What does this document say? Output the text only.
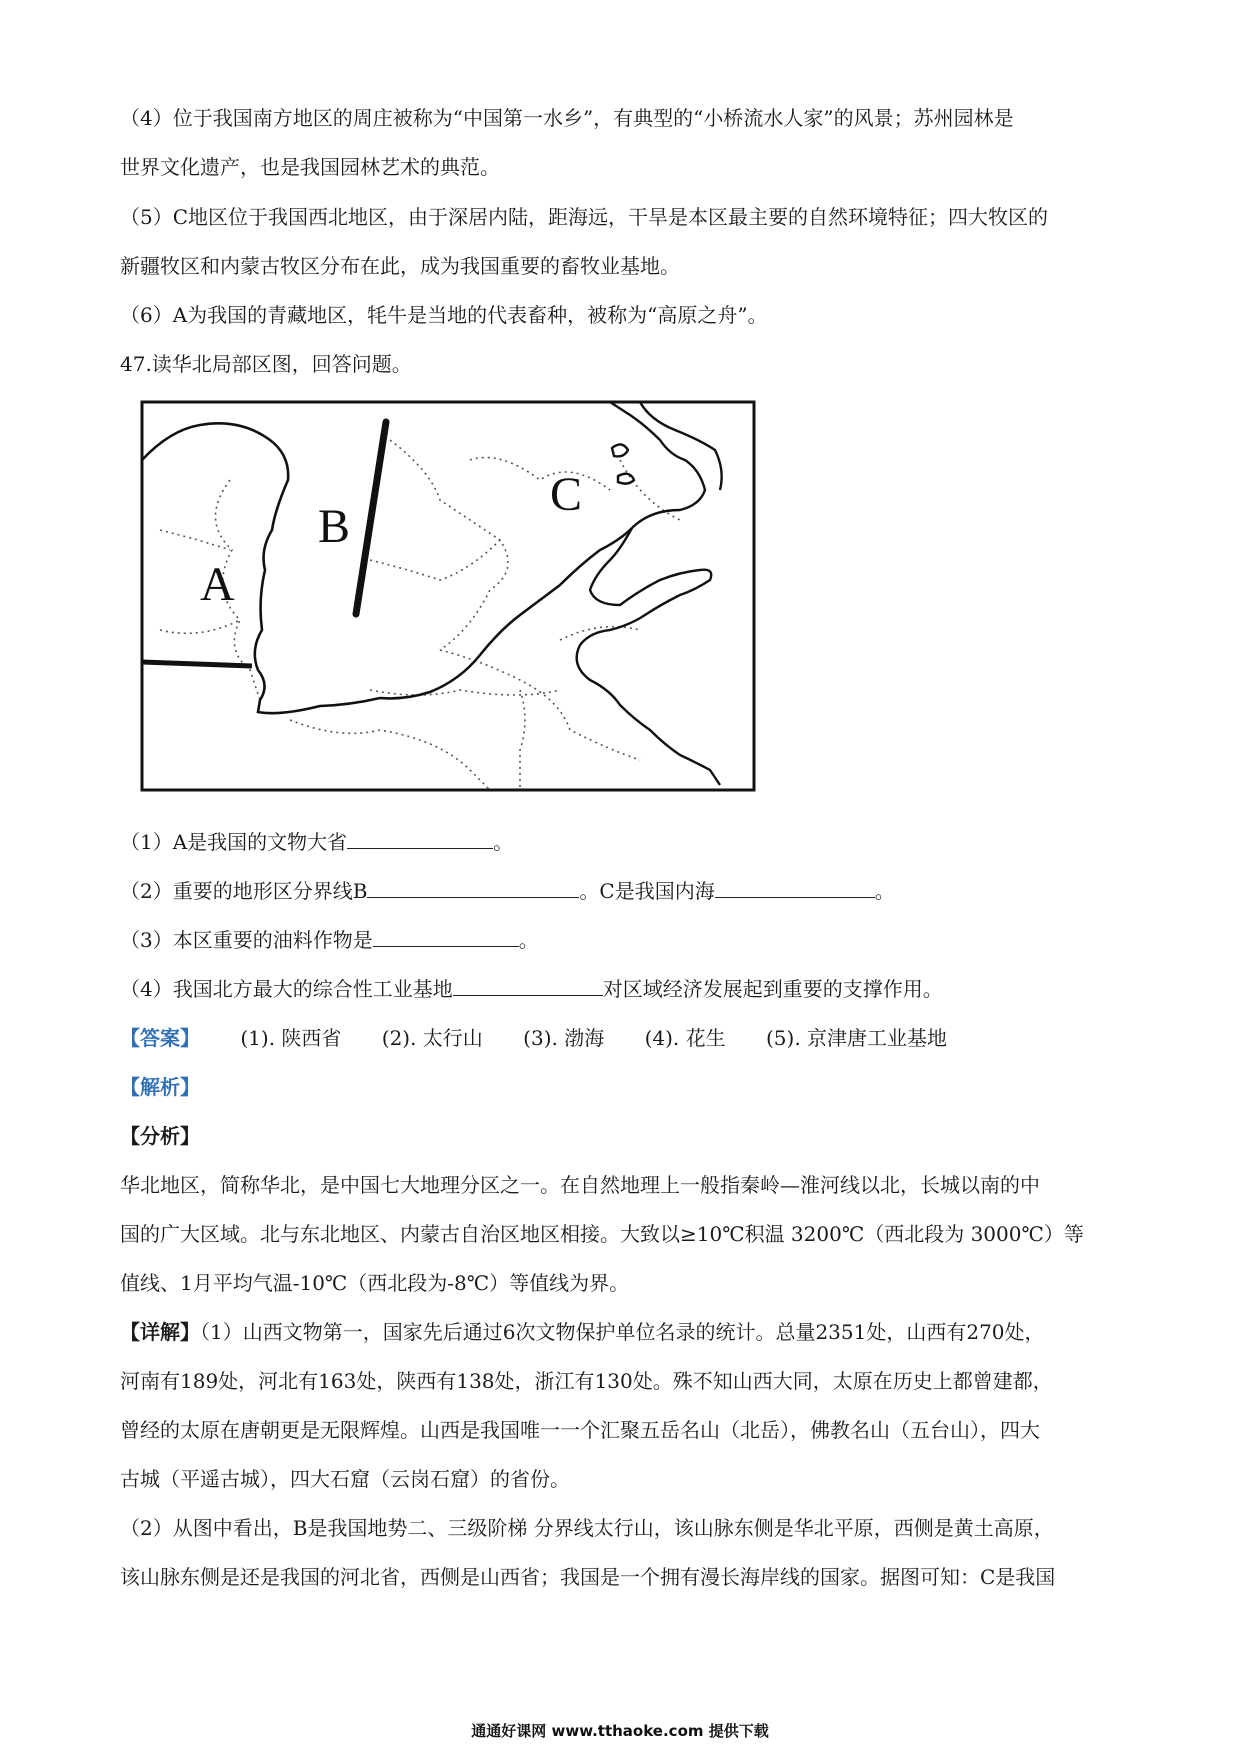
（4）位于我国南方地区的周庄被称为“中国第一水乡”，有典型的“小桥流水人家”的风景；苏州园林是
世界文化遗产，也是我国园林艺术的典范。
（5）C地区位于我国西北地区，由于深居内陆，距海远，干旱是本区最主要的自然环境特征；四大牧区的
新疆牧区和内蒙古牧区分布在此，成为我国重要的畜牧业基地。
（6）A为我国的青藏地区，牦牛是当地的代表畜种，被称为“高原之舟”。
47.读华北局部区图，回答问题。
A
B
C
（1）A是我国的文物大省	。
（2）重要的地形区分界线B	。C是我国内海	。
（3）本区重要的油料作物是	。
（4）我国北方最大的综合性工业基地	对区域经济发展起到重要的支撑作用。
【答案】 (1). 陕西省 (2). 太行山 (3). 渤海 (4). 花生 (5). 京津唐工业基地
【解析】
【分析】
华北地区，简称华北，是中国七大地理分区之一。在自然地理上一般指秦岭—淮河线以北，长城以南的中
国的广大区域。北与东北地区、内蒙古自治区地区相接。大致以≥10℃积温 3200℃（西北段为 3000℃）等
值线、1月平均气温-10℃（西北段为-8℃）等值线为界。
【详解】（1）山西文物第一，国家先后通过6次文物保护单位名录的统计。总量2351处，山西有270处，
河南有189处，河北有163处，陕西有138处，浙江有130处。殊不知山西大同，太原在历史上都曾建都，
曾经的太原在唐朝更是无限辉煌。山西是我国唯一一个汇聚五岳名山（北岳），佛教名山（五台山），四大
古城（平遥古城），四大石窟（云岗石窟）的省份。
（2）从图中看出，B是我国地势二、三级阶梯 分界线太行山，该山脉东侧是华北平原，西侧是黄土高原，
该山脉东侧是还是我国的河北省，西侧是山西省；我国是一个拥有漫长海岸线的国家。据图可知：C是我国
通通好课网 www.tthaoke.com 提供下载
